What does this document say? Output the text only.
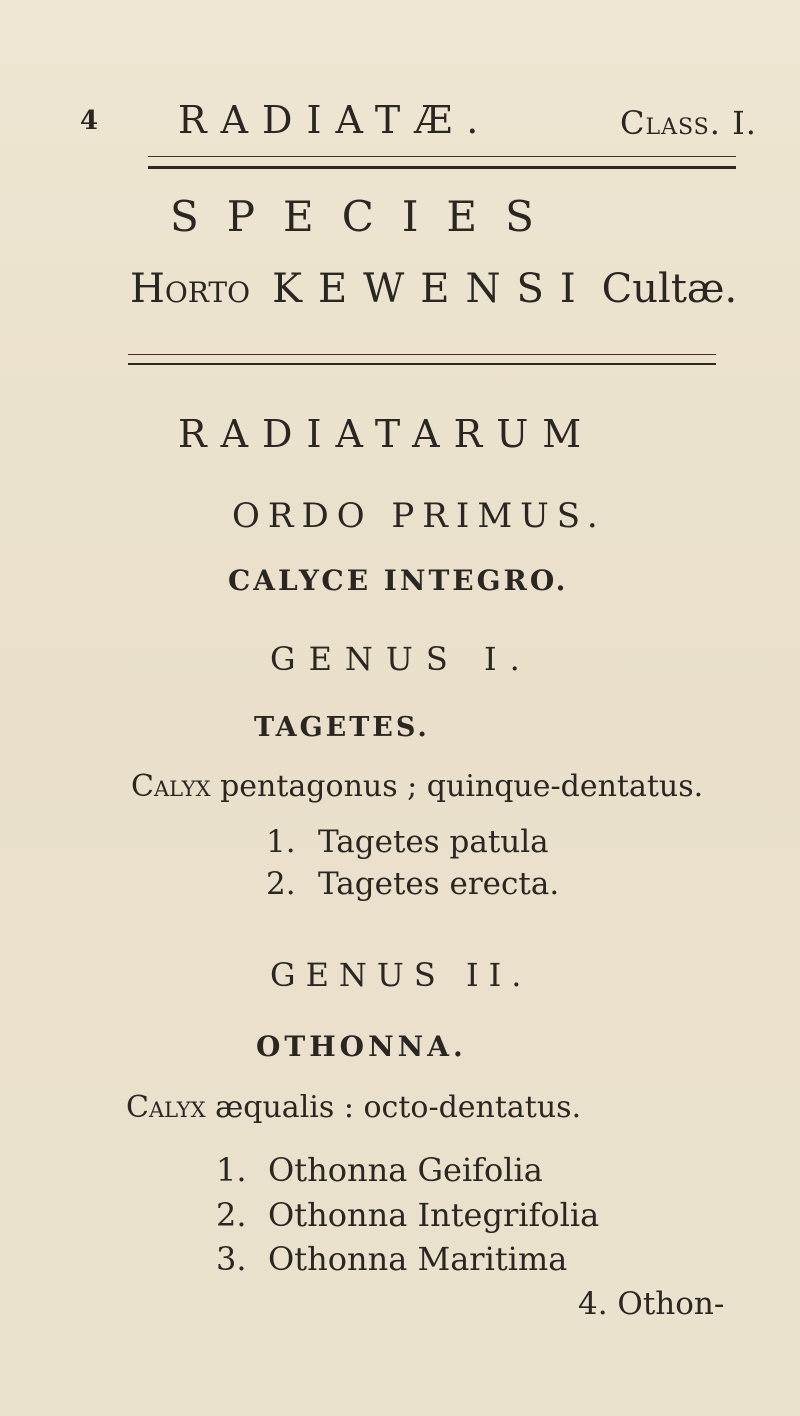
4 RADIATÆ.	Class. I.
SPECIES
Horto KEWENSI Cultæ.
RADIATARUM
ORDO PRIMUS.
CALYCE INTEGRO.
GENUS I.
TAGETES.
Calyx pentagonus ; quinque-dentatus.
1. Tagetes patula
2. Tagetes erecta.
GENUS II.
OTHONNA.
Calyx æqualis : octo-dentatus.
1. Othonna Geifolia
2. Othonna Integrifolia
3. Othonna Maritima
4. Othon-
